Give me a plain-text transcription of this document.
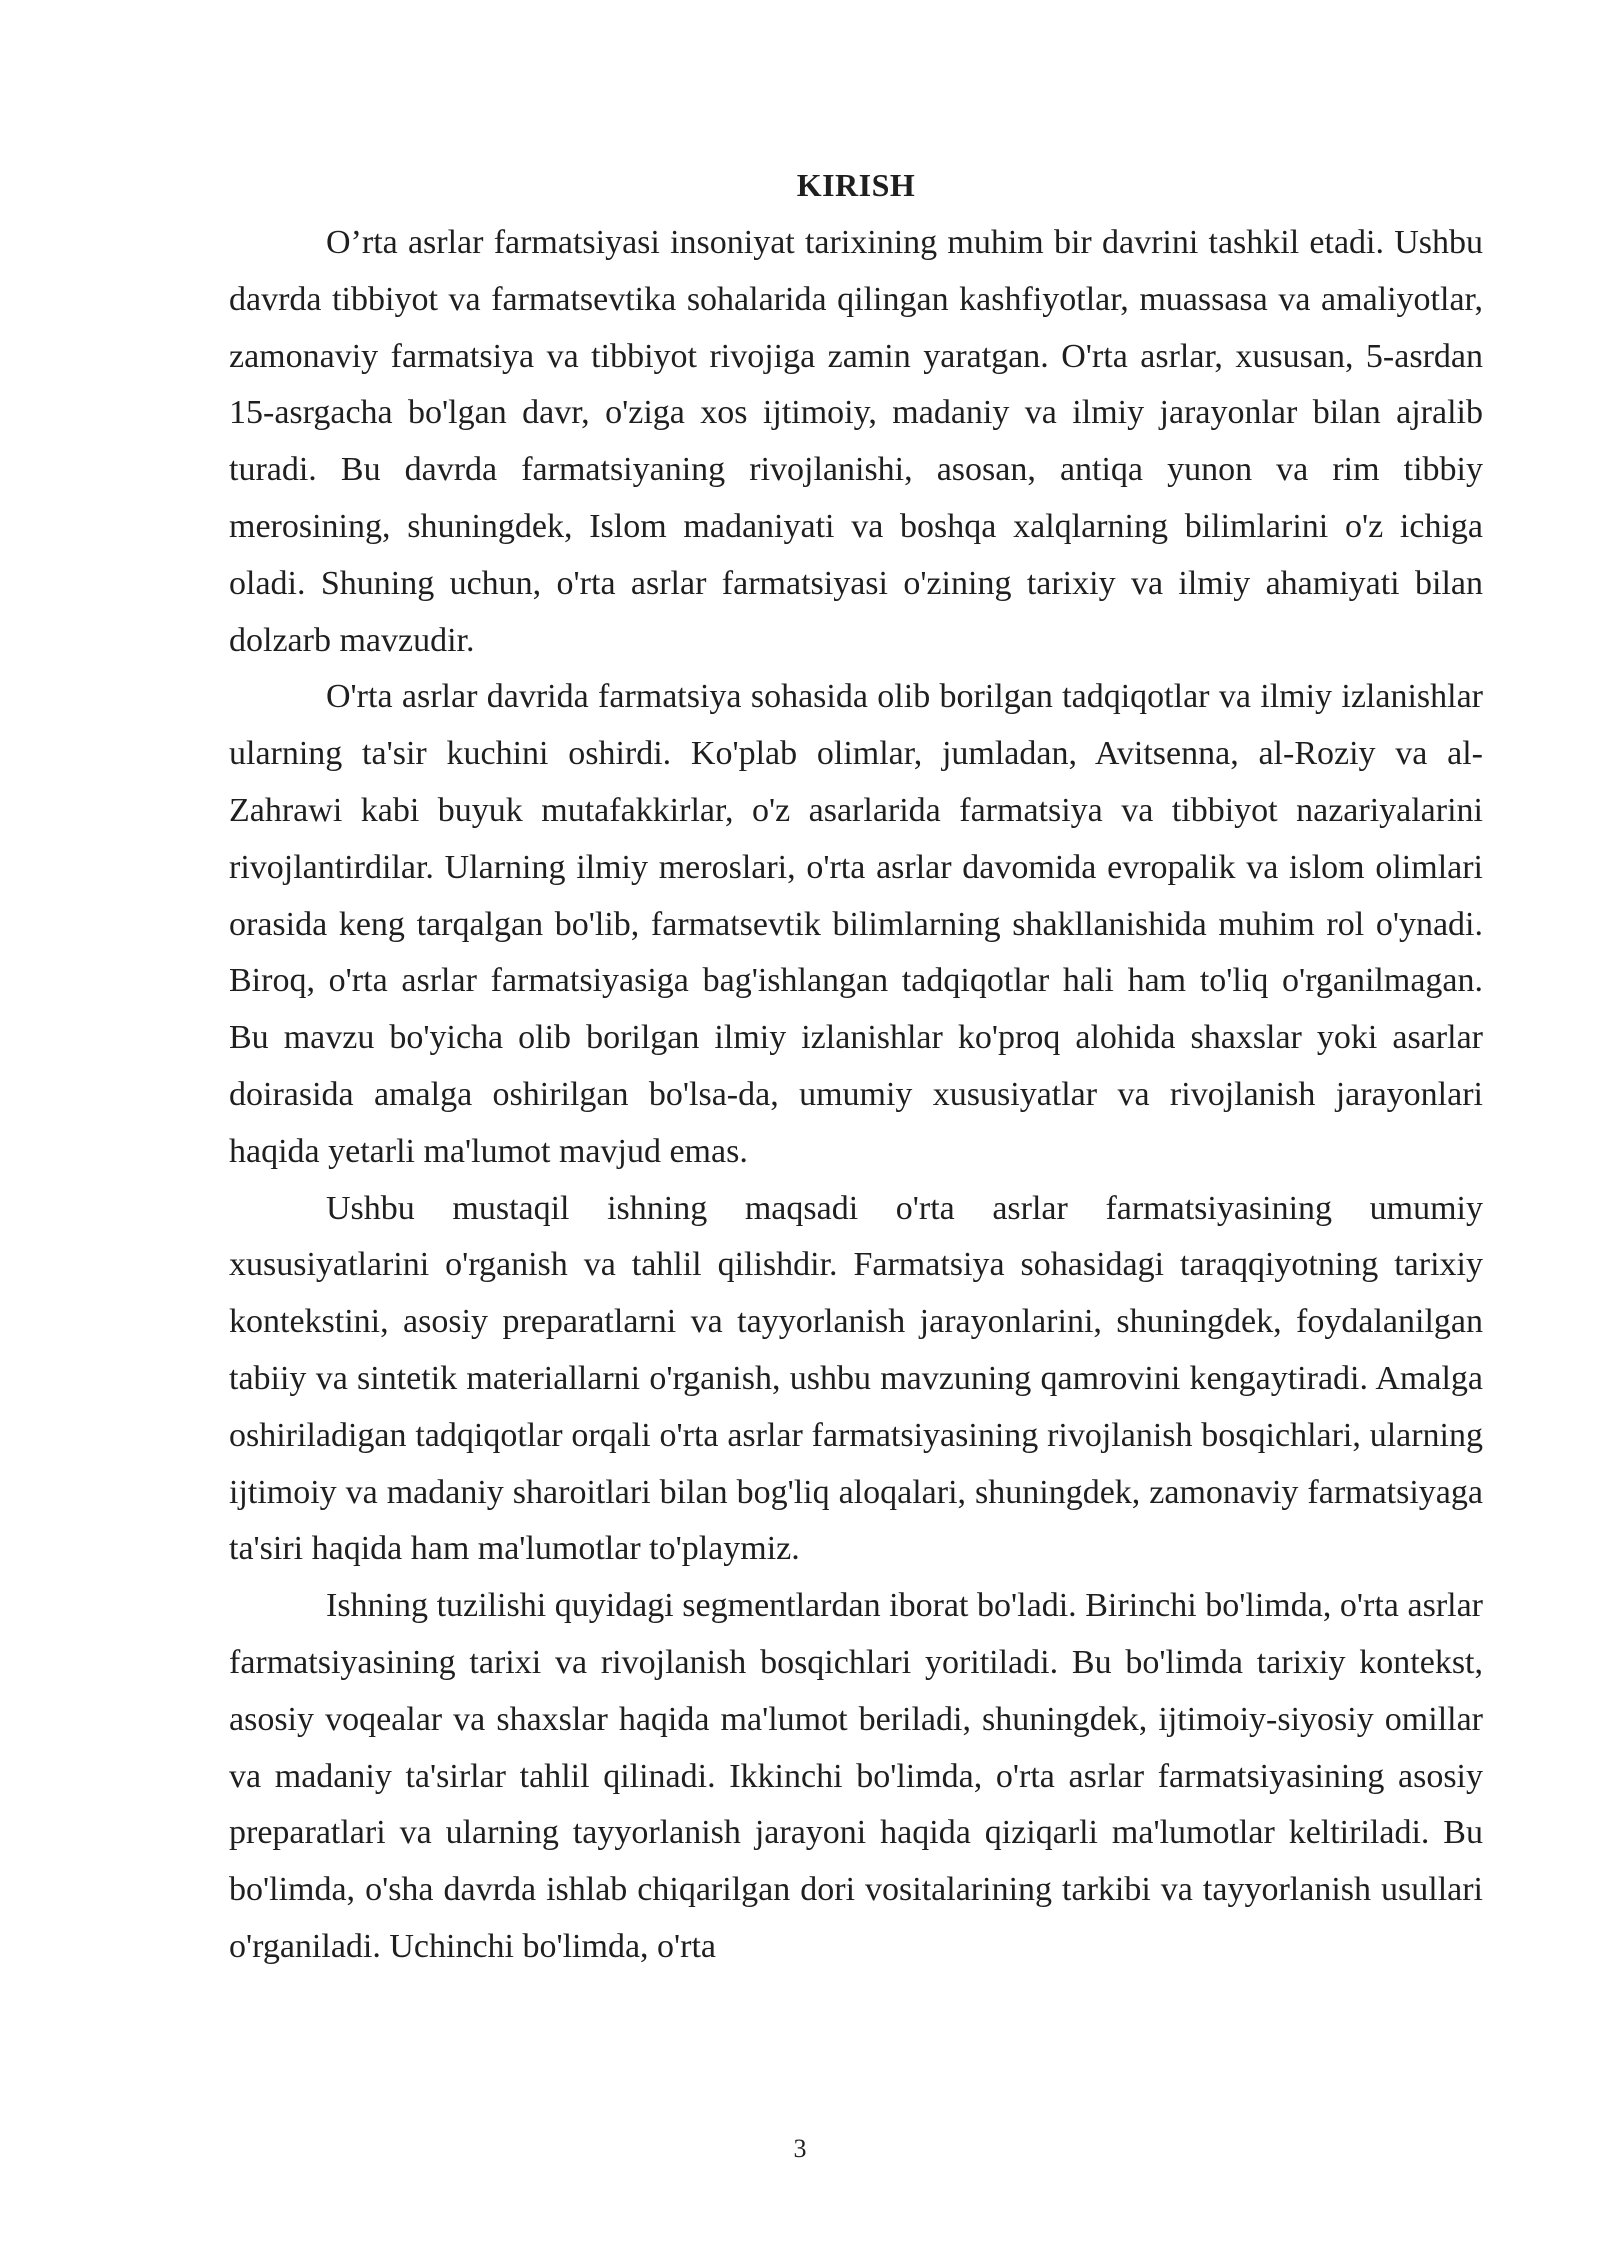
KIRISH

O’rta asrlar farmatsiyasi insoniyat tarixining muhim bir davrini tashkil etadi. Ushbu davrda tibbiyot va farmatsevtika sohalarida qilingan kashfiyotlar, muassasa va amaliyotlar, zamonaviy farmatsiya va tibbiyot rivojiga zamin yaratgan. O'rta asrlar, xususan, 5-asrdan 15-asrgacha bo'lgan davr, o'ziga xos ijtimoiy, madaniy va ilmiy jarayonlar bilan ajralib turadi. Bu davrda farmatsiyaning rivojlanishi, asosan, antiqa yunon va rim tibbiy merosining, shuningdek, Islom madaniyati va boshqa xalqlarning bilimlarini o'z ichiga oladi. Shuning uchun, o'rta asrlar farmatsiyasi o'zining tarixiy va ilmiy ahamiyati bilan dolzarb mavzudir.

O'rta asrlar davrida farmatsiya sohasida olib borilgan tadqiqotlar va ilmiy izlanishlar ularning ta'sir kuchini oshirdi. Ko'plab olimlar, jumladan, Avitsenna, al-Roziy va al-Zahrawi kabi buyuk mutafakkirlar, o'z asarlarida farmatsiya va tibbiyot nazariyalarini rivojlantirdilar. Ularning ilmiy meroslari, o'rta asrlar davomida evropalik va islom olimlari orasida keng tarqalgan bo'lib, farmatsevtik bilimlarning shakllanishida muhim rol o'ynadi. Biroq, o'rta asrlar farmatsiyasiga bag'ishlangan tadqiqotlar hali ham to'liq o'rganilmagan. Bu mavzu bo'yicha olib borilgan ilmiy izlanishlar ko'proq alohida shaxslar yoki asarlar doirasida amalga oshirilgan bo'lsa-da, umumiy xususiyatlar va rivojlanish jarayonlari haqida yetarli ma'lumot mavjud emas.

Ushbu mustaqil ishning maqsadi o'rta asrlar farmatsiyasining umumiy xususiyatlarini o'rganish va tahlil qilishdir. Farmatsiya sohasidagi taraqqiyotning tarixiy kontekstini, asosiy preparatlarni va tayyorlanish jarayonlarini, shuningdek, foydalanilgan tabiiy va sintetik materiallarni o'rganish, ushbu mavzuning qamrovini kengaytiradi. Amalga oshiriladigan tadqiqotlar orqali o'rta asrlar farmatsiyasining rivojlanish bosqichlari, ularning ijtimoiy va madaniy sharoitlari bilan bog'liq aloqalari, shuningdek, zamonaviy farmatsiyaga ta'siri haqida ham ma'lumotlar to'playmiz.

Ishning tuzilishi quyidagi segmentlardan iborat bo'ladi. Birinchi bo'limda, o'rta asrlar farmatsiyasining tarixi va rivojlanish bosqichlari yoritiladi. Bu bo'limda tarixiy kontekst, asosiy voqealar va shaxslar haqida ma'lumot beriladi, shuningdek, ijtimoiy-siyosiy omillar va madaniy ta'sirlar tahlil qilinadi. Ikkinchi bo'limda, o'rta asrlar farmatsiyasining asosiy preparatlari va ularning tayyorlanish jarayoni haqida qiziqarli ma'lumotlar keltiriladi. Bu bo'limda, o'sha davrda ishlab chiqarilgan dori vositalarining tarkibi va tayyorlanish usullari o'rganiladi. Uchinchi bo'limda, o'rta

3
